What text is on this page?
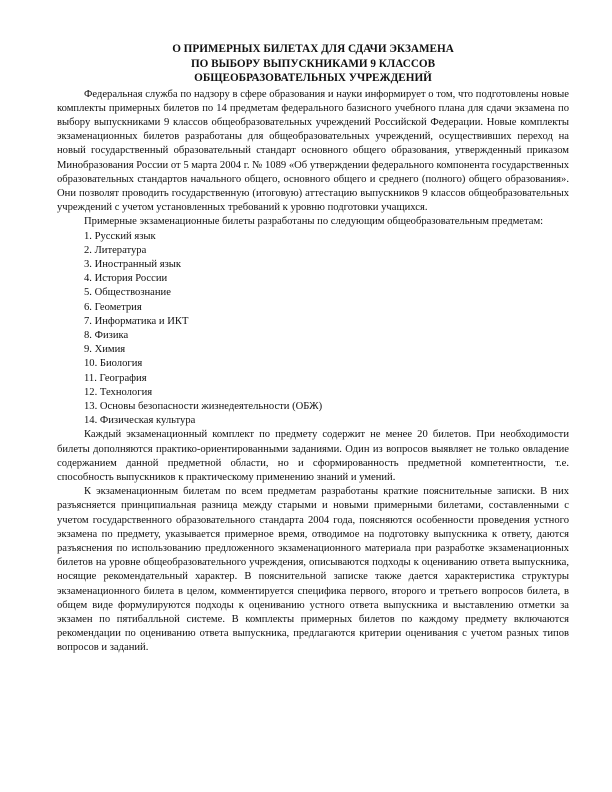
О ПРИМЕРНЫХ БИЛЕТАХ ДЛЯ СДАЧИ ЭКЗАМЕНА
ПО ВЫБОРУ ВЫПУСКНИКАМИ 9 КЛАССОВ
ОБЩЕОБРАЗОВАТЕЛЬНЫХ УЧРЕЖДЕНИЙ

Федеральная служба по надзору в сфере образования и науки информирует о том, что подготовлены новые комплекты примерных билетов по 14 предметам федерального базисного учебного плана для сдачи экзамена по выбору выпускниками 9 классов общеобразовательных учреждений Российской Федерации. Новые комплекты экзаменационных билетов разработаны для общеобразовательных учреждений, осуществивших переход на новый государственный образовательный стандарт основного общего образования, утвержденный приказом Минобразования России от 5 марта 2004 г. № 1089 «Об утверждении федерального компонента государственных образовательных стандартов начального общего, основного общего и среднего (полного) общего образования». Они позволят проводить государственную (итоговую) аттестацию выпускников 9 классов общеобразовательных учреждений с учетом установленных требований к уровню подготовки учащихся.

Примерные экзаменационные билеты разработаны по следующим общеобразовательным предметам:

1. Русский язык
2. Литература
3. Иностранный язык
4. История России
5. Обществознание
6. Геометрия
7. Информатика и ИКТ
8. Физика
9. Химия
10. Биология
11. География
12. Технология
13. Основы безопасности жизнедеятельности (ОБЖ)
14. Физическая культура

Каждый экзаменационный комплект по предмету содержит не менее 20 билетов. При необходимости билеты дополняются практико-ориентированными заданиями. Один из вопросов выявляет не только овладение содержанием данной предметной области, но и сформированность предметной компетентности, т.е. способность выпускников к практическому применению знаний и умений.

К экзаменационным билетам по всем предметам разработаны краткие пояснительные записки. В них разъясняется принципиальная разница между старыми и новыми примерными билетами, составленными с учетом государственного образовательного стандарта 2004 года, поясняются особенности проведения устного экзамена по предмету, указывается примерное время, отводимое на подготовку выпускника к ответу, даются разъяснения по использованию предложенного экзаменационного материала при разработке экзаменационных билетов на уровне общеобразовательного учреждения, описываются подходы к оцениванию ответа выпускника, носящие рекомендательный характер. В пояснительной записке также дается характеристика структуры экзаменационного билета в целом, комментируется специфика первого, второго и третьего вопросов билета, в общем виде формулируются подходы к оцениванию устного ответа выпускника и выставлению отметки за экзамен по пятибалльной системе. В комплекты примерных билетов по каждому предмету включаются рекомендации по оцениванию ответа выпускника, предлагаются критерии оценивания с учетом разных типов вопросов и заданий.
